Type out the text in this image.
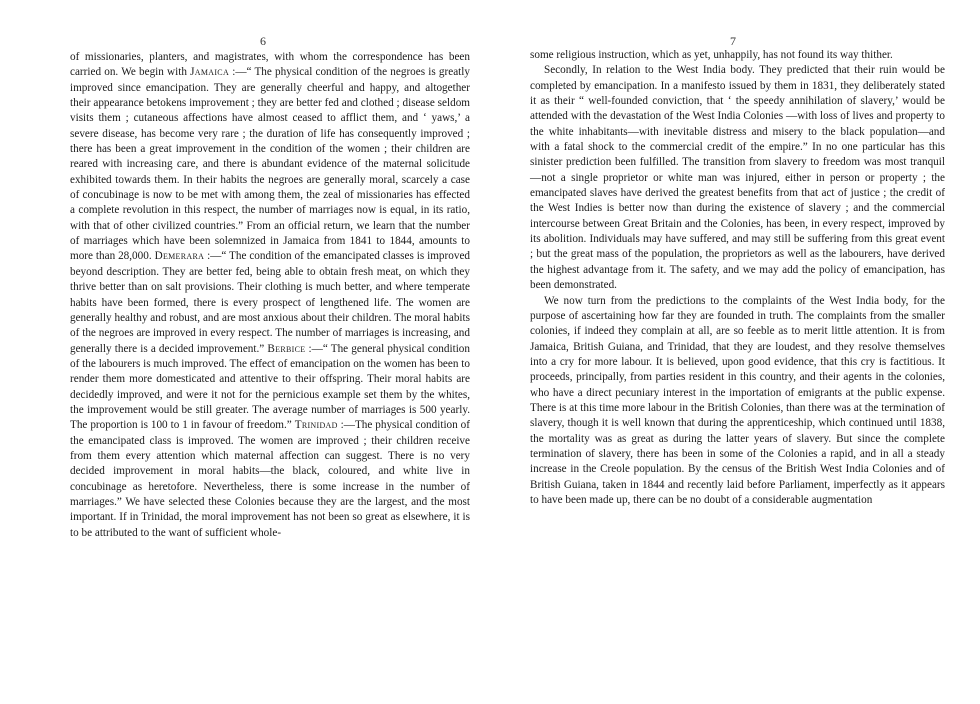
6

of missionaries, planters, and magistrates, with whom the correspondence has been carried on. We begin with Jamaica :—“ The physical condition of the negroes is greatly improved since emancipation. They are generally cheerful and happy, and altogether their appearance betokens improvement ; they are better fed and clothed ; disease seldom visits them ; cutaneous affections have almost ceased to afflict them, and ‘ yaws,’ a severe disease, has become very rare ; the duration of life has consequently improved ; there has been a great improvement in the condition of the women ; their children are reared with increasing care, and there is abundant evidence of the maternal solicitude exhibited towards them. In their habits the negroes are generally moral, scarcely a case of concubinage is now to be met with among them, the zeal of missionaries has effected a complete revolution in this respect, the number of marriages now is equal, in its ratio, with that of other civilized countries.” From an official return, we learn that the number of marriages which have been solemnized in Jamaica from 1841 to 1844, amounts to more than 28,000. Demerara :—“ The condition of the emancipated classes is improved beyond description. They are better fed, being able to obtain fresh meat, on which they thrive better than on salt provisions. Their clothing is much better, and where temperate habits have been formed, there is every prospect of lengthened life. The women are generally healthy and robust, and are most anxious about their children. The moral habits of the negroes are improved in every respect. The number of marriages is increasing, and generally there is a decided improvement.” Berbice :—“ The general physical condition of the labourers is much improved. The effect of emancipation on the women has been to render them more domesticated and attentive to their offspring. Their moral habits are decidedly improved, and were it not for the pernicious example set them by the whites, the improvement would be still greater. The average number of marriages is 500 yearly. The proportion is 100 to 1 in favour of freedom.” Trinidad :—The physical condition of the emancipated class is improved. The women are improved ; their children receive from them every attention which maternal affection can suggest. There is no very decided improvement in moral habits—the black, coloured, and white live in concubinage as heretofore. Nevertheless, there is some increase in the number of marriages.” We have selected these Colonies because they are the largest, and the most important. If in Trinidad, the moral improvement has not been so great as elsewhere, it is to be attributed to the want of sufficient whole-

7

some religious instruction, which as yet, unhappily, has not found its way thither.

Secondly, In relation to the West India body. They predicted that their ruin would be completed by emancipation. In a manifesto issued by them in 1831, they deliberately stated it as their “ well-founded conviction, that ‘ the speedy annihilation of slavery,’ would be attended with the devastation of the West India Colonies —with loss of lives and property to the white inhabitants—with inevitable distress and misery to the black population—and with a fatal shock to the commercial credit of the empire.” In no one particular has this sinister prediction been fulfilled. The transition from slavery to freedom was most tranquil—not a single proprietor or white man was injured, either in person or property ; the emancipated slaves have derived the greatest benefits from that act of justice ; the credit of the West Indies is better now than during the existence of slavery ; and the commercial intercourse between Great Britain and the Colonies, has been, in every respect, improved by its abolition. Individuals may have suffered, and may still be suffering from this great event ; but the great mass of the population, the proprietors as well as the labourers, have derived the highest advantage from it. The safety, and we may add the policy of emancipation, has been demonstrated.

We now turn from the predictions to the complaints of the West India body, for the purpose of ascertaining how far they are founded in truth. The complaints from the smaller colonies, if indeed they complain at all, are so feeble as to merit little attention. It is from Jamaica, British Guiana, and Trinidad, that they are loudest, and they resolve themselves into a cry for more labour. It is believed, upon good evidence, that this cry is factitious. It proceeds, principally, from parties resident in this country, and their agents in the colonies, who have a direct pecuniary interest in the importation of emigrants at the public expense. There is at this time more labour in the British Colonies, than there was at the termination of slavery, though it is well known that during the apprenticeship, which continued until 1838, the mortality was as great as during the latter years of slavery. But since the complete termination of slavery, there has been in some of the Colonies a rapid, and in all a steady increase in the Creole population. By the census of the British West India Colonies and of British Guiana, taken in 1844 and recently laid before Parliament, imperfectly as it appears to have been made up, there can be no doubt of a considerable augmentation
